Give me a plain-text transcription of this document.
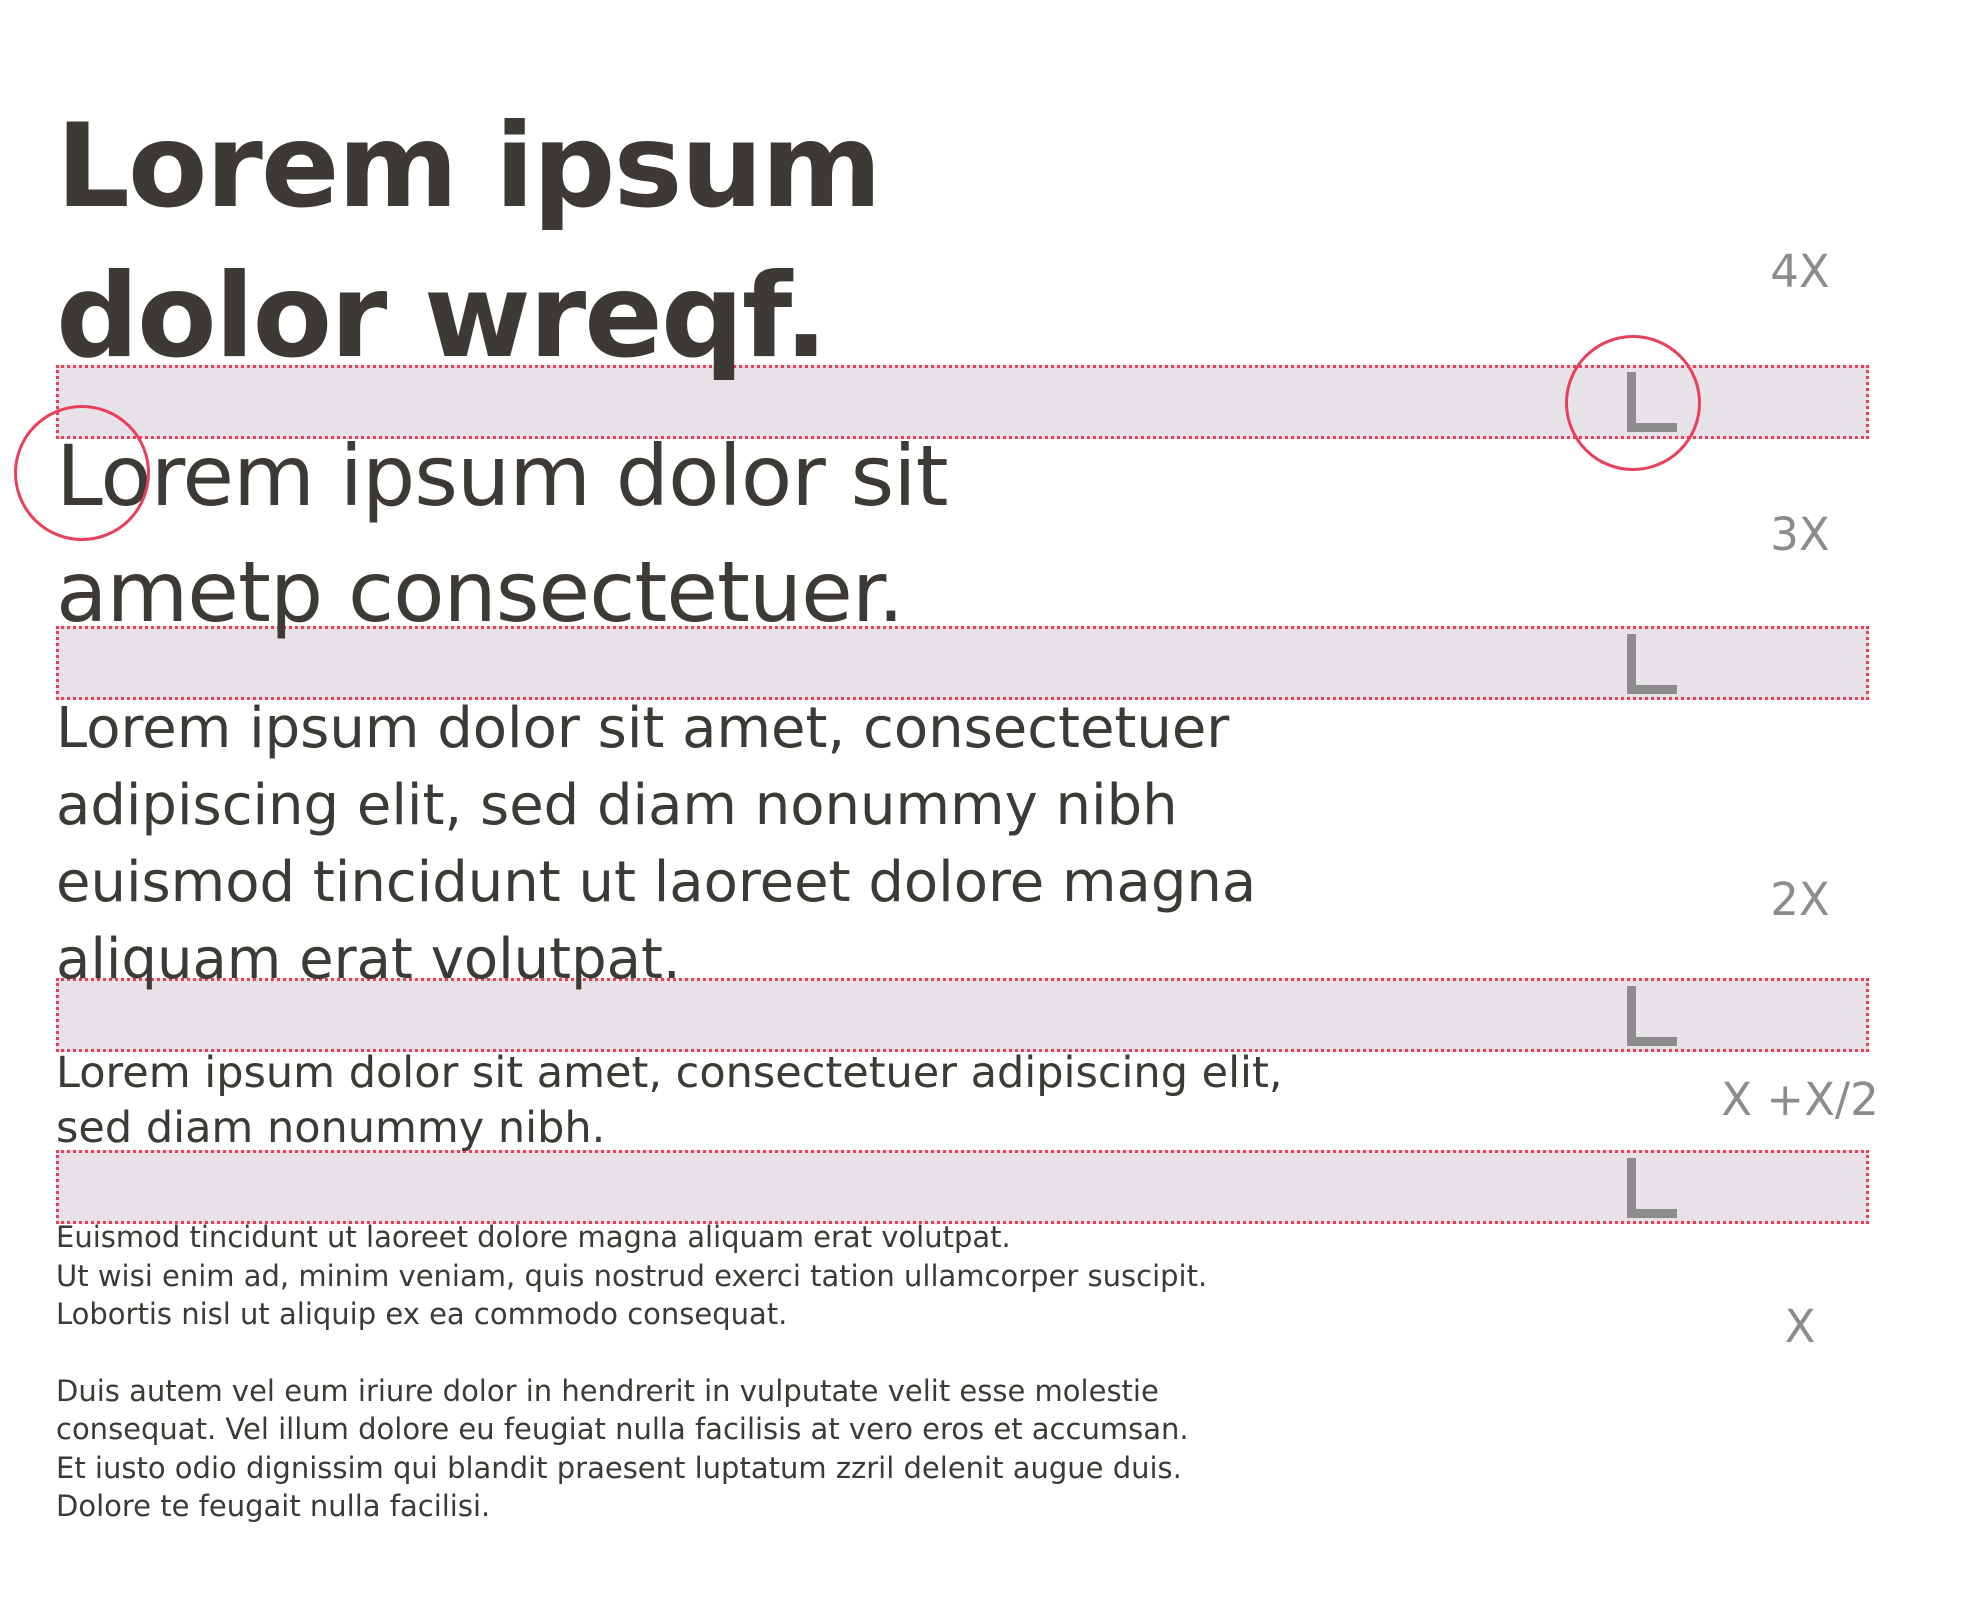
Lorem ipsum
dolor wreqf.
Lorem ipsum dolor sit
ametp consectetuer.
Lorem ipsum dolor sit amet, consectetuer
adipiscing elit, sed diam nonummy nibh
euismod tincidunt ut laoreet dolore magna
aliquam erat volutpat.
Lorem ipsum dolor sit amet, consectetuer adipiscing elit,
sed diam nonummy nibh.
Euismod tincidunt ut laoreet dolore magna aliquam erat volutpat.
Ut wisi enim ad, minim veniam, quis nostrud exerci tation ullamcorper suscipit.
Lobortis nisl ut aliquip ex ea commodo consequat.
Duis autem vel eum iriure dolor in hendrerit in vulputate velit esse molestie
consequat. Vel illum dolore eu feugiat nulla facilisis at vero eros et accumsan.
Et iusto odio dignissim qui blandit praesent luptatum zzril delenit augue duis.
Dolore te feugait nulla facilisi.
4X
3X
2X
X +X/2
X
